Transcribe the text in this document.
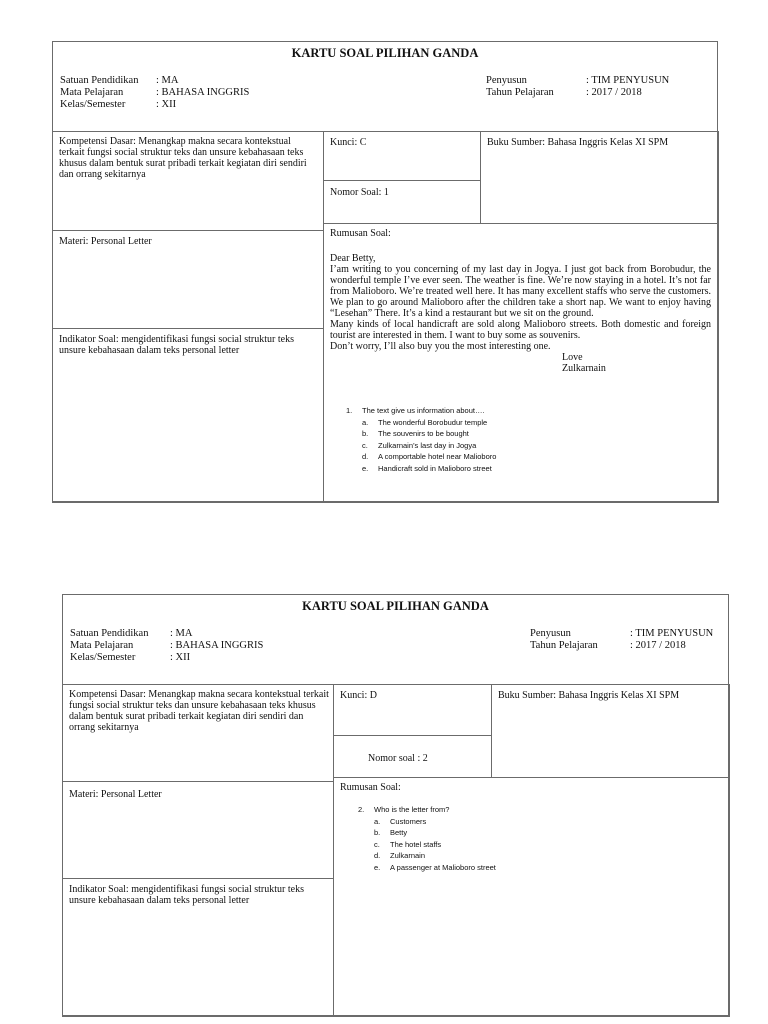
KARTU SOAL PILIHAN GANDA
Satuan Pendidikan	: MA
Mata Pelajaran	: BAHASA INGGRIS
Kelas/Semester	: XII
Penyusun	: TIM PENYUSUN
Tahun Pelajaran	: 2017 / 2018
Kompetensi Dasar: Menangkap makna secara kontekstual terkait fungsi social struktur teks dan unsure kebahasaan teks khusus dalam bentuk surat pribadi terkait kegiatan diri sendiri dan orrang sekitarnya
Kunci: C
Nomor Soal: 1
Buku Sumber: Bahasa Inggris Kelas XI SPM
Materi: Personal Letter
Indikator Soal: mengidentifikasi fungsi social struktur teks unsure kebahasaan dalam teks personal letter
Rumusan Soal:

Dear Betty,

I’am writing to you concerning of my last day in Jogya. I just got back from Borobudur, the wonderful temple I’ve ever seen. The weather is fine. We’re now staying in a hotel. It’s not far from Malioboro. We’re treated well here. It has many excellent staffs who serve the customers. We plan to go around Malioboro after the children take a short nap. We want to enjoy having “Lesehan” There. It’s a kind a restaurant but we sit on the ground.

Many kinds of local handicraft are sold along Malioboro streets. Both domestic and foreign tourist are interested in them. I want to buy some as souvenirs.

Don’t worry, I’ll also buy you the most interesting one.

Love

Zulkarnain

1. The text give us information about….
a. The wonderful Borobudur temple
b. The souvenirs to be bought
c. Zulkarnain’s last day in Jogya
d. A comportable hotel near Malioboro
e. Handicraft sold in Malioboro street
KARTU SOAL PILIHAN GANDA
Satuan Pendidikan	: MA
Mata Pelajaran	: BAHASA INGGRIS
Kelas/Semester	: XII
Penyusun	: TIM PENYUSUN
Tahun Pelajaran	: 2017 / 2018
Kompetensi Dasar: Menangkap makna secara kontekstual terkait fungsi social struktur teks dan unsure kebahasaan teks khusus dalam bentuk surat pribadi terkait kegiatan diri sendiri dan orrang sekitarnya
Kunci: D
Nomor soal : 2
Buku Sumber: Bahasa Inggris Kelas XI SPM
Materi: Personal Letter
Indikator Soal: mengidentifikasi fungsi social struktur teks unsure kebahasaan dalam teks personal letter
Rumusan Soal:
2. Who is the letter from?
a. Customers
b. Betty
c. The hotel staffs
d. Zulkarnain
e. A passenger at Malioboro street
